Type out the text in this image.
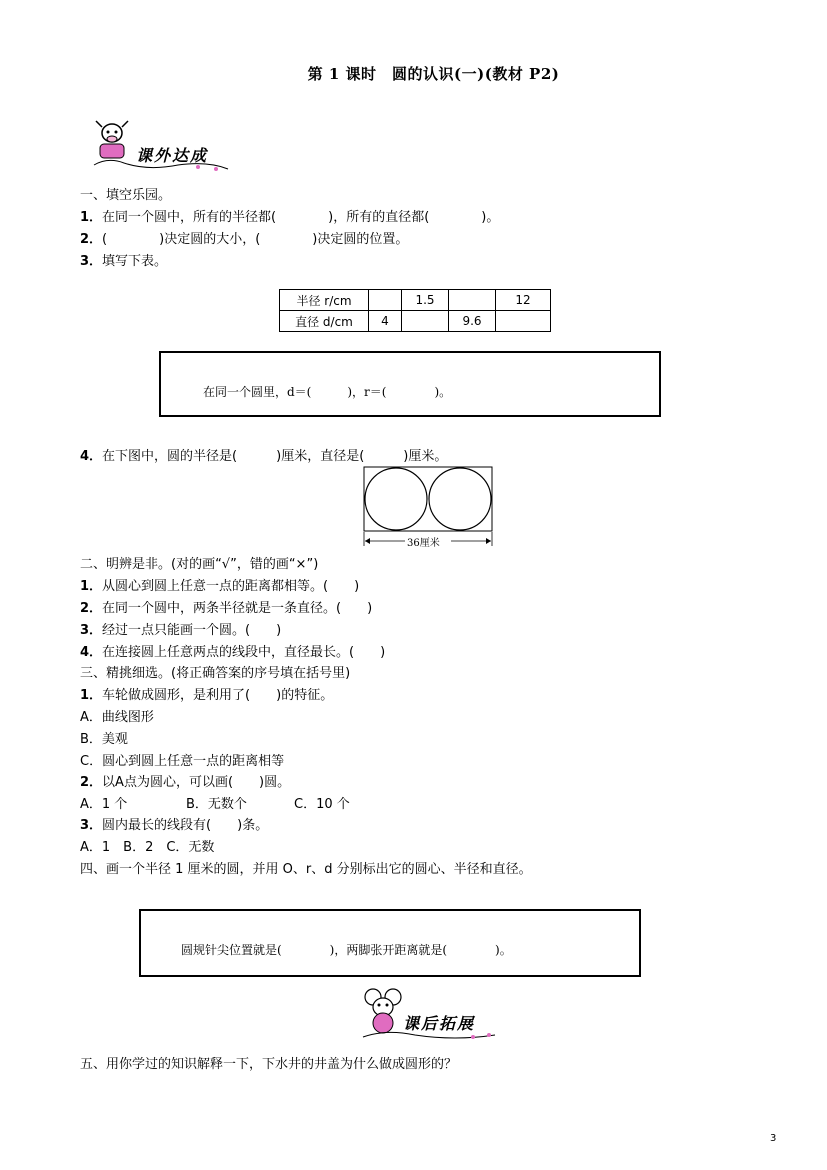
第 1 课时　圆的认识(一)(教材 P2)
课外达成
一、填空乐园。
1．在同一个圆中，所有的半径都(　　　　)，所有的直径都(　　　　)。
2．(　　　　)决定圆的大小，(　　　　)决定圆的位置。
3．填写下表。
半径 r/cm		1.5		12
直径 d/cm	4		9.6	
在同一个圆里，d＝(　　　)，r＝(　　　　)。
4．在下图中，圆的半径是(　　　)厘米，直径是(　　　)厘米。
36厘米
二、明辨是非。(对的画“√”，错的画“×”)
1．从圆心到圆上任意一点的距离都相等。(　　)
2．在同一个圆中，两条半径就是一条直径。(　　)
3．经过一点只能画一个圆。(　　)
4．在连接圆上任意两点的线段中，直径最长。(　　)
三、精挑细选。(将正确答案的序号填在括号里)
1．车轮做成圆形，是利用了(　　)的特征。
A．曲线图形
B．美观
C．圆心到圆上任意一点的距离相等
2．以A点为圆心，可以画(　　)圆。
A．1 个	B．无数个	C．10 个
3．圆内最长的线段有(　　)条。
A．1　B．2　C．无数
四、画一个半径 1 厘米的圆，并用 O、r、d 分别标出它的圆心、半径和直径。
圆规针尖位置就是(　　　　)，两脚张开距离就是(　　　　)。
课后拓展
五、用你学过的知识解释一下，下水井的井盖为什么做成圆形的？
3
